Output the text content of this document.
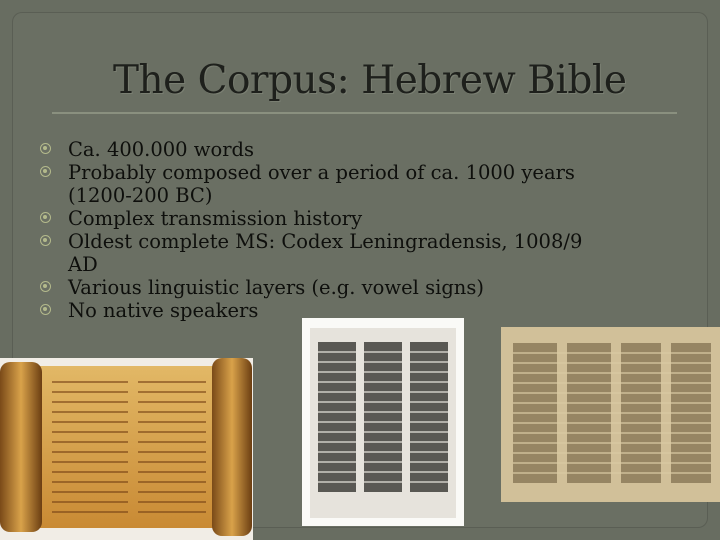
The Corpus: Hebrew Bible
Ca. 400.000 words
Probably composed over a period of ca. 1000 years
(1200-200 BC)
Complex transmission history
Oldest complete MS: Codex Leningradensis, 1008/9
AD
Various linguistic layers (e.g. vowel signs)
No native speakers
